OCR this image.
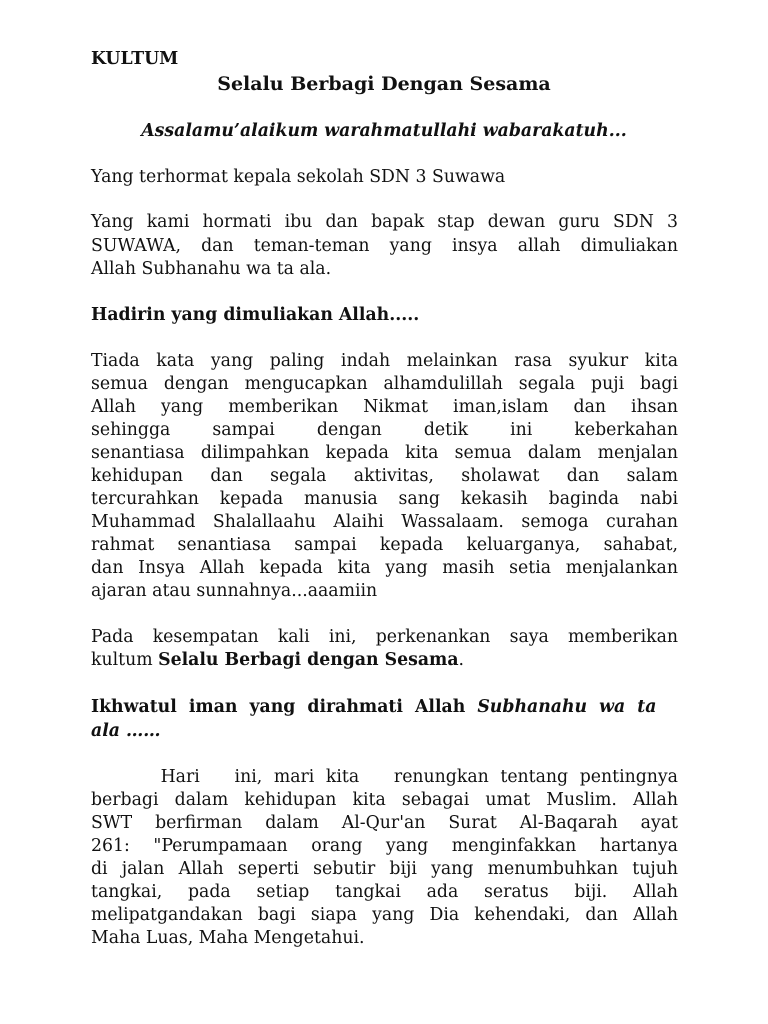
KULTUM
Selalu Berbagi Dengan Sesama
Assalamu’alaikum warahmatullahi wabarakatuh...
Yang terhormat kepala sekolah SDN 3 Suwawa
Yang kami hormati ibu dan bapak stap dewan guru SDN 3
SUWAWA, dan teman-teman yang insya allah dimuliakan
Allah Subhanahu wa ta ala.
Hadirin yang dimuliakan Allah.....
Tiada kata yang paling indah melainkan rasa syukur kita
semua dengan mengucapkan alhamdulillah segala puji bagi
Allah yang memberikan Nikmat iman,islam dan ihsan
sehingga sampai dengan detik ini keberkahan
senantiasa dilimpahkan kepada kita semua dalam menjalan
kehidupan dan segala aktivitas, sholawat dan salam
tercurahkan kepada manusia sang kekasih baginda nabi
Muhammad Shalallaahu Alaihi Wassalaam. semoga curahan
rahmat senantiasa sampai kepada keluarganya, sahabat,
dan Insya Allah kepada kita yang masih setia menjalankan
ajaran atau sunnahnya...aaamiin
Pada kesempatan kali ini, perkenankan saya memberikan
kultum Selalu Berbagi dengan Sesama.
Ikhwatul  iman  yang  dirahmati  Allah  Subhanahu  wa  ta
ala ……
Hari   ini, mari kita   renungkan tentang pentingnya
berbagi dalam kehidupan kita sebagai umat Muslim. Allah
SWT berfirman dalam Al-Qur'an Surat Al-Baqarah ayat
261: "Perumpamaan orang yang menginfakkan hartanya
di jalan Allah seperti sebutir biji yang menumbuhkan tujuh
tangkai, pada setiap tangkai ada seratus biji. Allah
melipatgandakan bagi siapa yang Dia kehendaki, dan Allah
Maha Luas, Maha Mengetahui.
